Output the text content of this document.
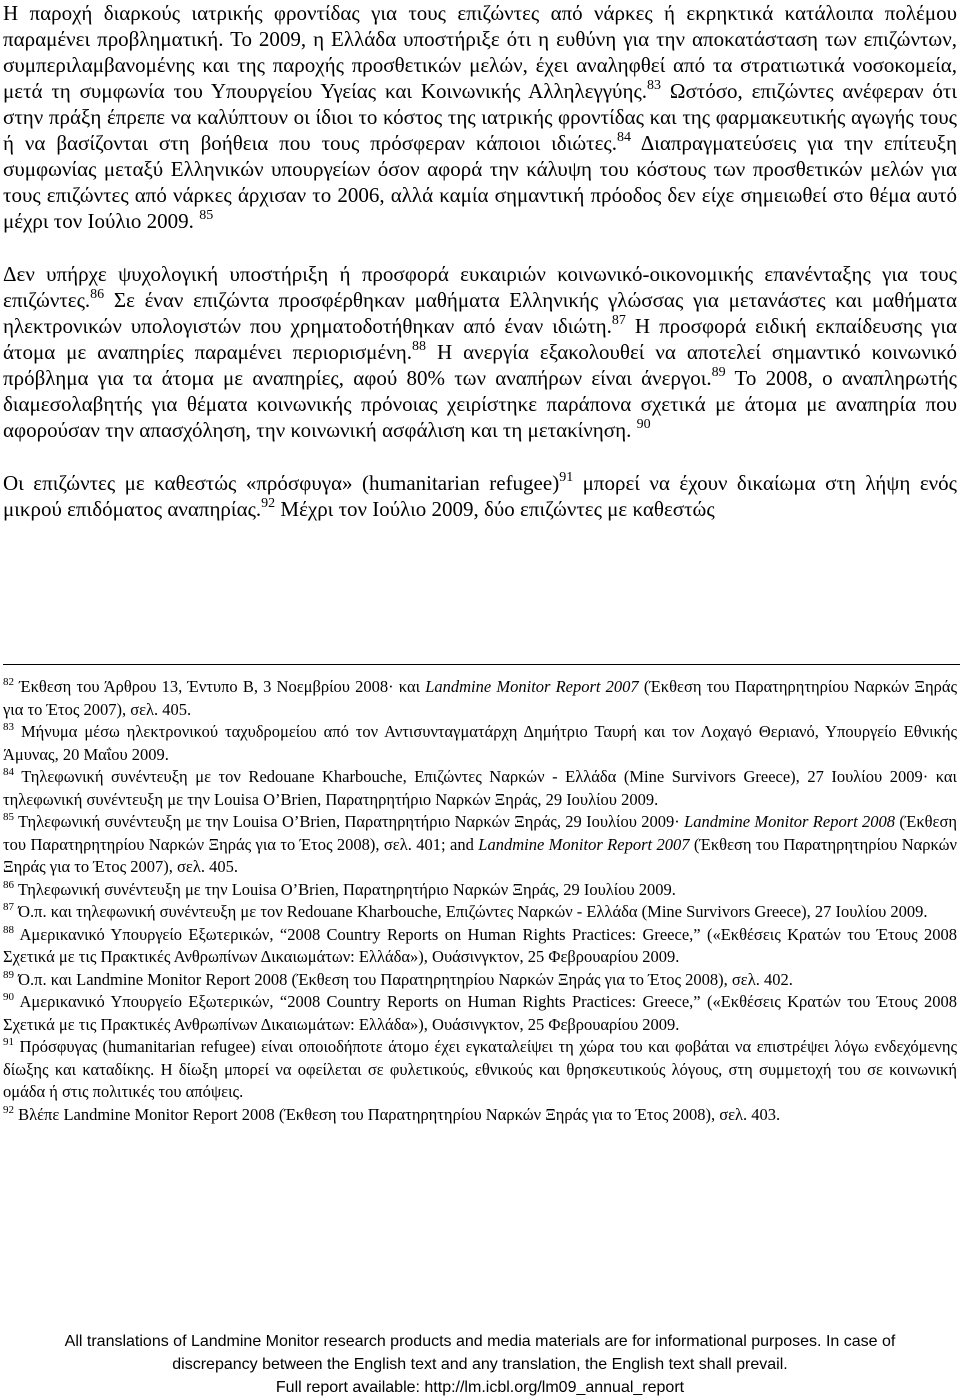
Η παροχή διαρκούς ιατρικής φροντίδας για τους επιζώντες από νάρκες ή εκρηκτικά κατάλοιπα πολέμου παραμένει προβληματική. Το 2009, η Ελλάδα υποστήριξε ότι η ευθύνη για την αποκατάσταση των επιζώντων, συμπεριλαμβανομένης και της παροχής προσθετικών μελών, έχει αναληφθεί από τα στρατιωτικά νοσοκομεία, μετά τη συμφωνία του Υπουργείου Υγείας και Κοινωνικής Αλληλεγγύης.$^{83}$ Ωστόσο, επιζώντες ανέφεραν ότι στην πράξη έπρεπε να καλύπτουν οι ίδιοι το κόστος της ιατρικής φροντίδας και της φαρμακευτικής αγωγής τους ή να βασίζονται στη βοήθεια που τους πρόσφεραν κάποιοι ιδιώτες.$^{84}$ Διαπραγματεύσεις για την επίτευξη συμφωνίας μεταξύ Ελληνικών υπουργείων όσον αφορά την κάλυψη του κόστους των προσθετικών μελών για τους επιζώντες από νάρκες άρχισαν το 2006, αλλά καμία σημαντική πρόοδος δεν είχε σημειωθεί στο θέμα αυτό μέχρι τον Ιούλιο 2009. $^{85}$

Δεν υπήρχε ψυχολογική υποστήριξη ή προσφορά ευκαιριών κοινωνικό-οικονομικής επανένταξης για τους επιζώντες.$^{86}$ Σε έναν επιζώντα προσφέρθηκαν μαθήματα Ελληνικής γλώσσας για μετανάστες και μαθήματα ηλεκτρονικών υπολογιστών που χρηματοδοτήθηκαν από έναν ιδιώτη.$^{87}$ Η προσφορά ειδική εκπαίδευσης για άτομα με αναπηρίες παραμένει περιορισμένη.$^{88}$ Η ανεργία εξακολουθεί να αποτελεί σημαντικό κοινωνικό πρόβλημα για τα άτομα με αναπηρίες, αφού 80% των αναπήρων είναι άνεργοι.$^{89}$ Το 2008, ο αναπληρωτής διαμεσολαβητής για θέματα κοινωνικής πρόνοιας χειρίστηκε παράπονα σχετικά με άτομα με αναπηρία που αφορούσαν την απασχόληση, την κοινωνική ασφάλιση και τη μετακίνηση. $^{90}$

Οι επιζώντες με καθεστώς «πρόσφυγα» (humanitarian refugee)$^{91}$ μπορεί να έχουν δικαίωμα στη λήψη ενός μικρού επιδόματος αναπηρίας.$^{92}$ Μέχρι τον Ιούλιο 2009, δύο επιζώντες με καθεστώς

$^{82}$ Έκθεση του Άρθρου 13, Έντυπο Β, 3 Νοεμβρίου 2008· και Landmine Monitor Report 2007 (Έκθεση του Παρατηρητηρίου Ναρκών Ξηράς για το Έτος 2007), σελ. 405.

$^{83}$ Μήνυμα μέσω ηλεκτρονικού ταχυδρομείου από τον Αντισυνταγματάρχη Δημήτριο Ταυρή και τον Λοχαγό Θεριανό, Υπουργείο Εθνικής Άμυνας, 20 Μαΐου 2009.

$^{84}$ Τηλεφωνική συνέντευξη με τον Redouane Kharbouche, Επιζώντες Ναρκών - Ελλάδα (Mine Survivors Greece), 27 Ιουλίου 2009· και τηλεφωνική συνέντευξη με την Louisa O’Brien, Παρατηρητήριο Ναρκών Ξηράς, 29 Ιουλίου 2009.

$^{85}$ Τηλεφωνική συνέντευξη με την Louisa O’Brien, Παρατηρητήριο Ναρκών Ξηράς, 29 Ιουλίου 2009· Landmine Monitor Report 2008 (Έκθεση του Παρατηρητηρίου Ναρκών Ξηράς για το Έτος 2008), σελ. 401; and Landmine Monitor Report 2007 (Έκθεση του Παρατηρητηρίου Ναρκών Ξηράς για το Έτος 2007), σελ. 405.

$^{86}$ Τηλεφωνική συνέντευξη με την Louisa O’Brien, Παρατηρητήριο Ναρκών Ξηράς, 29 Ιουλίου 2009.

$^{87}$ Ό.π. και τηλεφωνική συνέντευξη με τον Redouane Kharbouche, Επιζώντες Ναρκών - Ελλάδα (Mine Survivors Greece), 27 Ιουλίου 2009.

$^{88}$ Αμερικανικό Υπουργείο Εξωτερικών, “2008 Country Reports on Human Rights Practices: Greece,” («Εκθέσεις Κρατών του Έτους 2008 Σχετικά με τις Πρακτικές Ανθρωπίνων Δικαιωμάτων: Ελλάδα»), Ουάσινγκτον, 25 Φεβρουαρίου 2009.

$^{89}$ Ό.π. και Landmine Monitor Report 2008 (Έκθεση του Παρατηρητηρίου Ναρκών Ξηράς για το Έτος 2008), σελ. 402.

$^{90}$ Αμερικανικό Υπουργείο Εξωτερικών, “2008 Country Reports on Human Rights Practices: Greece,” («Εκθέσεις Κρατών του Έτους 2008 Σχετικά με τις Πρακτικές Ανθρωπίνων Δικαιωμάτων: Ελλάδα»), Ουάσινγκτον, 25 Φεβρουαρίου 2009.

$^{91}$ Πρόσφυγας (humanitarian refugee) είναι οποιοδήποτε άτομο έχει εγκαταλείψει τη χώρα του και φοβάται να επιστρέψει λόγω ενδεχόμενης δίωξης και καταδίκης. Η δίωξη μπορεί να οφείλεται σε φυλετικούς, εθνικούς και θρησκευτικούς λόγους, στη συμμετοχή του σε κοινωνική ομάδα ή στις πολιτικές του απόψεις.

$^{92}$ Βλέπε Landmine Monitor Report 2008 (Έκθεση του Παρατηρητηρίου Ναρκών Ξηράς για το Έτος 2008), σελ. 403.

All translations of Landmine Monitor research products and media materials are for informational purposes. In case of
discrepancy between the English text and any translation, the English text shall prevail.
Full report available: http://lm.icbl.org/lm09_annual_report
